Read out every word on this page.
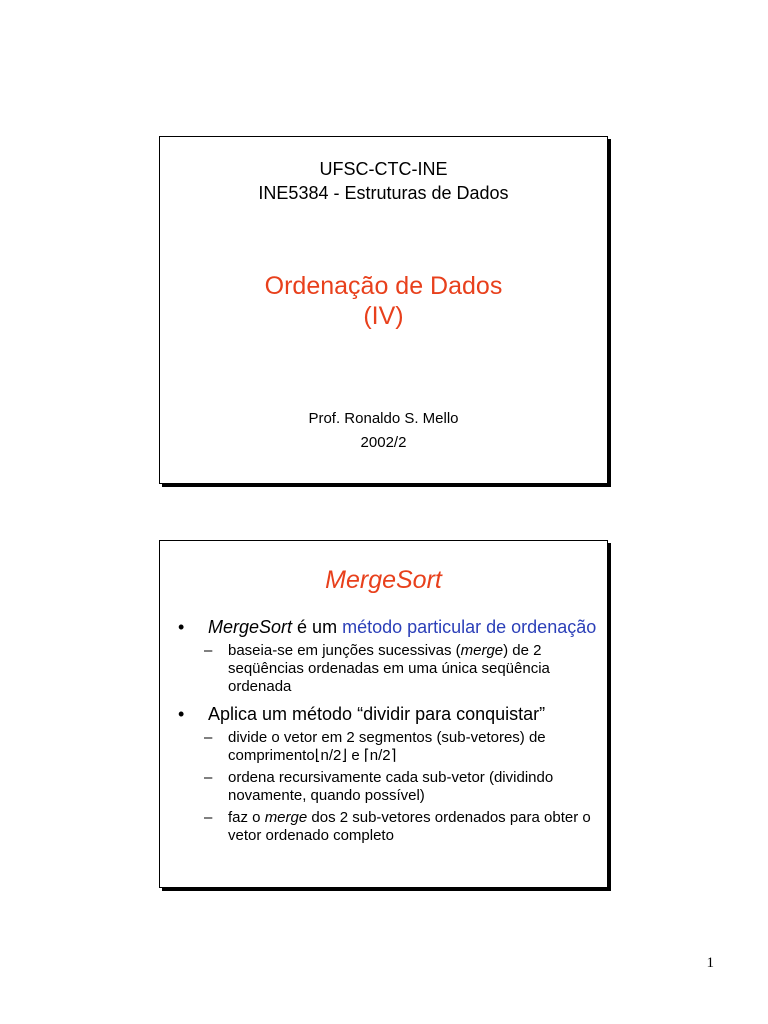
UFSC-CTC-INE
INE5384 - Estruturas de Dados
Ordenação de Dados
(IV)
Prof. Ronaldo S. Mello
2002/2
MergeSort
• MergeSort é um método particular de ordenação
– baseia-se em junções sucessivas (merge) de 2 seqüências ordenadas em uma única seqüência ordenada
• Aplica um método “dividir para conquistar”
– divide o vetor em 2 segmentos (sub-vetores) de comprimento⌊n/2⌋ e ⌈n/2⌉
– ordena recursivamente cada sub-vetor (dividindo novamente, quando possível)
– faz o merge dos 2 sub-vetores ordenados para obter o vetor ordenado completo
1
